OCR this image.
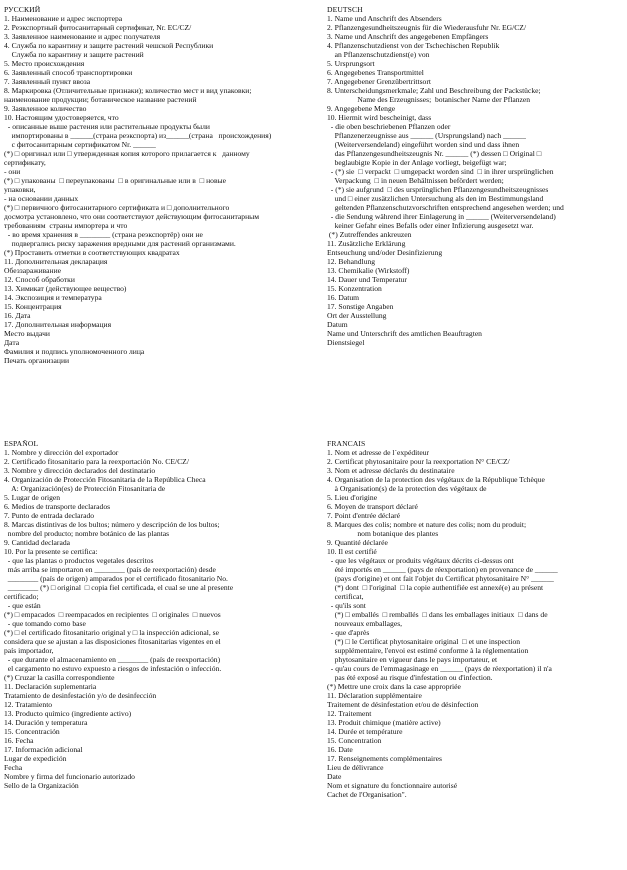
РУССКИЙ
1. Наименование и адрес экспортера
2. Реэкспортный фитосанитарный сертификат, Nr. ЕС/CZ/
3. Заявленное наименование и адрес получателя
4. Служба по карантину и защите растений чешской Республики
Служба по карантину и защите растений
5. Место происхождения
6. Заявленный способ транспортировки
7. Заявленный пункт ввоза
8. Маркировка (Отличительные признаки); количество мест и вид упаковки;
наименование продукции; ботаническое название растений
9. Заявленное количество
10. Настоящим удостоверяется, что
- описанные выше растения или растительные продукты были
импортированы в ______(страна реэкспорта) из______(страна   происхождения)
с фитосанитарным сертификатом Nr. ______
(*) □ оригинал или □ утвержденная копия которого прилагается к   данному
сертификату,
- они
(*) □ упакованы  □ переупакованы  □ в оригинальные или в  □ новые
упаковки,
- на основании данных
(*) □ первичного фитосанитарного сертификата и □ дополнительного
досмотра установлено, что они соответствуют действующим фитосанитарным
требованиям  страны импортера и что
- во время хранения в ________ (страна реэкспортёр) они не
подвергались риску заражения вредными для растений организмами.
(*) Проставить отметки в соответствующих квадратах
11. Дополнительная декларация
Обеззараживание
12. Способ обработки
13. Химикат (действующее вещество)
14. Экспозиция и температура
15. Концентрация
16. Дата
17. Дополнительная информация
Место выдачи
Дата
Фамилия и подпись уполномоченного лица
Печать организации
DEUTSCH
1. Name und Anschrift des Absenders
2. Pflanzengesundheitszeugnis für die Wiederausfuhr Nr. EG/CZ/
3. Name und Anschrift des angegebenen Empfängers
4. Pflanzenschutzdienst von der Tschechischen Republik
an Pflanzenschutzdienst(e) von
5. Ursprungsort
6. Angegebenes Transportmittel
7. Angegebener Grenzübertrittsort
8. Unterscheidungsmerkmale; Zahl und Beschreibung der Packstücke;
Name des Erzeugnisses;  botanischer Name der Pflanzen
9. Angegebene Menge
10. Hiermit wird bescheinigt, dass
- die oben beschriebenen Pflanzen oder
Pflanzenerzeugnisse aus ______ (Ursprungsland) nach ______
(Weiterversendeland) eingeführt worden sind und dass ihnen
das Pflanzengesundheitszeugnis Nr. ______ (*) dessen □ Original □
beglaubigte Kopie in der Anlage vorliegt, beigefügt war;
- (*) sie  □ verpackt  □ umgepackt worden sind  □ in ihrer ursprünglichen
Verpackung  □ in neuen Behältnissen befördert werden;
- (*) sie aufgrund  □ des ursprünglichen Pflanzengesundheitszeugnisses
und □ einer zusätzlichen Untersuchung als den im Bestimmungsland
geltenden Pflanzenschutzvorschriften entsprechend angesehen werden; und
- die Sendung während ihrer Einlagerung in ______ (Weiterversendeland)
keiner Gefahr eines Befalls oder einer Infizierung ausgesetzt war.
(*) Zutreffendes ankreuzen
11. Zusätzliche Erklärung
Entseuchung und/oder Desinfizierung
12. Behandlung
13. Chemikalie (Wirkstoff)
14. Dauer und Temperatur
15. Konzentration
16. Datum
17. Sonstige Angaben
Ort der Ausstellung
Datum
Name und Unterschrift des amtlichen Beauftragten
Dienstsiegel
ESPAÑOL
1. Nombre y dirección del exportador
2. Certificado fitosanitario para la reexportación No. CE/CZ/
3. Nombre y dirección declarados del destinatario
4. Organización de Protección Fitosanitaria de la República Checa
A: Organización(es) de Protección Fitosanitaria de
5. Lugar de origen
6. Medios de transporte declarados
7. Punto de entrada declarado
8. Marcas distintivas de los bultos; número y descripción de los bultos;
nombre del producto; nombre botánico de las plantas
9. Cantidad declarada
10. Por la presente se certifica:
- que las plantas o productos vegetales descritos
más arriba se importaron en ________ (país de reexportación) desde
________ (país de origen) amparados por el certificado fitosanitario No.
________ (*) □ original  □ copia fiel certificada, el cual se une al presente
certificado;
- que están
(*) □ empacados  □ reempacados en recipientes  □ originales  □ nuevos
- que tomando como base
(*) □ el certificado fitosanitario original y □ la inspección adicional, se
considera que se ajustan a las disposiciones fitosanitarias vigentes en el
país importador,
- que durante el almacenamiento en ________ (país de reexportación)
el cargamento no estuvo expuesto a riesgos de infestación o infección.
(*) Cruzar la casilla correspondiente
11. Declaración suplementaria
Tratamiento de desinfestación y/o de desinfección
12. Tratamiento
13. Producto químico (ingrediente activo)
14. Duración y temperatura
15. Concentración
16. Fecha
17. Información adicional
Lugar de expedición
Fecha
Nombre y firma del funcionario autorizado
Sello de la Organización
FRANCAIS
1. Nom et adresse de l´expéditeur
2. Certificat phytosanitaire pour la reexportation N° CE/CZ/
3. Nom et adresse déclarés du destinataire
4. Organisation de la protection des végétaux de la République Tchèque
à Organisation(s) de la protection des végétaux de
5. Lieu d'origine
6. Moyen de transport déclaré
7. Point d'entrée déclaré
8. Marques des colis; nombre et nature des colis; nom du produit;
nom botanique des plantes
9. Quantité déclarée
10. Il est certifié
- que les végétaux or produits végétaux décrits ci-dessus ont
été importés en ______ (pays de réexportation) en provenance de ______
(pays d'origine) et ont fait l'objet du Certificat phytosanitaire N° ______
(*) dont  □ l'original  □ la copie authentifiée est annexé(e) au présent
certificat,
- qu'ils sont
(*) □ emballés  □ remballés  □ dans les emballages initiaux  □ dans de
nouveaux emballages,
- que d'après
(*) □ le Certificat phytosanitaire original  □ et une inspection
supplémentaire, l'envoi est estimé conforme à la réglementation
phytosanitaire en vigueur dans le pays importateur, et
- qu'au cours de l'emmagasinage en ______ (pays de réexportation) il n'a
pas été exposé au risque d'infestation ou d'infection.
(*) Mettre une croix dans la case appropriée
11. Déclaration supplémentaire
Traitement de désinfestation et/ou de désinfection
12. Traitement
13. Produit chimique (matière active)
14. Durée et température
15. Concentration
16. Date
17. Renseignements complémentaires
Lieu de délivrance
Date
Nom et signature du fonctionnaire autorisé
Cachet de l'Organisation".
